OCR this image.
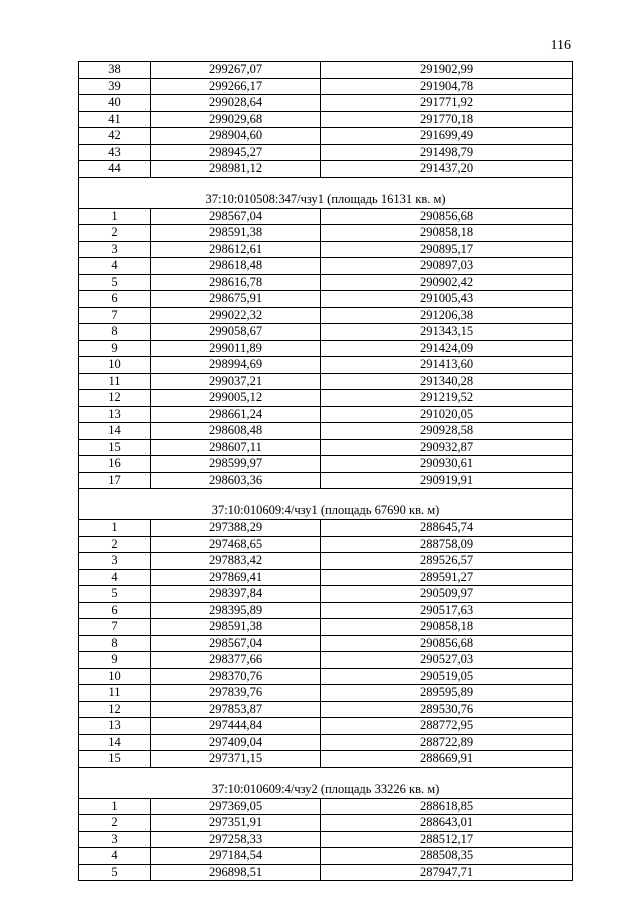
116
38	299267,07	291902,99
39	299266,17	291904,78
40	299028,64	291771,92
41	299029,68	291770,18
42	298904,60	291699,49
43	298945,27	291498,79
44	298981,12	291437,20
37:10:010508:347/чзу1 (площадь 16131 кв. м)		
1	298567,04	290856,68
2	298591,38	290858,18
3	298612,61	290895,17
4	298618,48	290897,03
5	298616,78	290902,42
6	298675,91	291005,43
7	299022,32	291206,38
8	299058,67	291343,15
9	299011,89	291424,09
10	298994,69	291413,60
11	299037,21	291340,28
12	299005,12	291219,52
13	298661,24	291020,05
14	298608,48	290928,58
15	298607,11	290932,87
16	298599,97	290930,61
17	298603,36	290919,91
37:10:010609:4/чзу1 (площадь 67690 кв. м)		
1	297388,29	288645,74
2	297468,65	288758,09
3	297883,42	289526,57
4	297869,41	289591,27
5	298397,84	290509,97
6	298395,89	290517,63
7	298591,38	290858,18
8	298567,04	290856,68
9	298377,66	290527,03
10	298370,76	290519,05
11	297839,76	289595,89
12	297853,87	289530,76
13	297444,84	288772,95
14	297409,04	288722,89
15	297371,15	288669,91
37:10:010609:4/чзу2 (площадь 33226 кв. м)		
1	297369,05	288618,85
2	297351,91	288643,01
3	297258,33	288512,17
4	297184,54	288508,35
5	296898,51	287947,71
